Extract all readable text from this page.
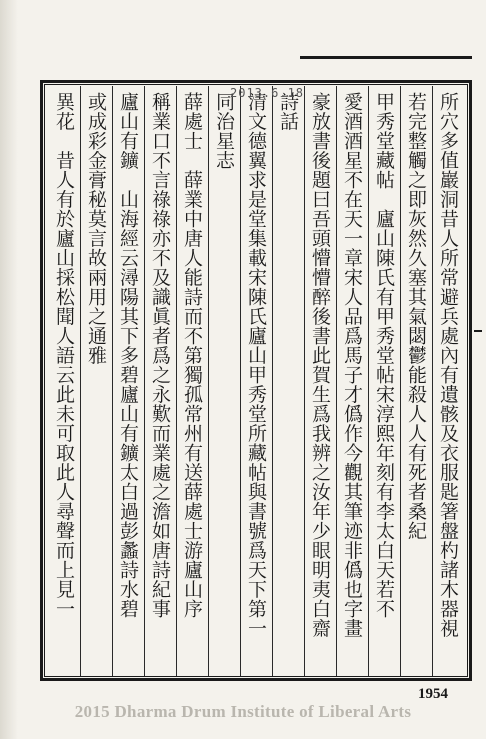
所穴多值巖洞昔人所常避兵處內有遺骸及衣服匙箸盤杓諸木器視
若完整觸之即灰然久塞其氣閟鬱能殺人人有死者桑紀
甲秀堂藏帖　廬山陳氏有甲秀堂帖宋淳熙年刻有李太白天若不
愛酒酒星不在天一章宋人品爲馬子才僞作今觀其筆迹非僞也字畫
豪放書後題曰吾頭懵懵醉後書此賀生爲我辨之汝年少眼明夷白齋
詩話
清文德翼求是堂集載宋陳氏廬山甲秀堂所藏帖與書號爲天下第一
同治星志
薛處士　薛業中唐人能詩而不第獨孤常州有送薛處士游廬山序
稱業口不言祿祿亦不及識眞者爲之永歎而業處之澹如唐詩紀事
廬山有鑛　山海經云潯陽其下多碧廬山有鑛太白過彭蠡詩水碧
或成彩金膏秘莫言故兩用之通雅
異花　昔人有於廬山採松聞人語云此未可取此人尋聲而上見一	2013.6.18
1954
2015 Dharma Drum Institute of Liberal Arts
